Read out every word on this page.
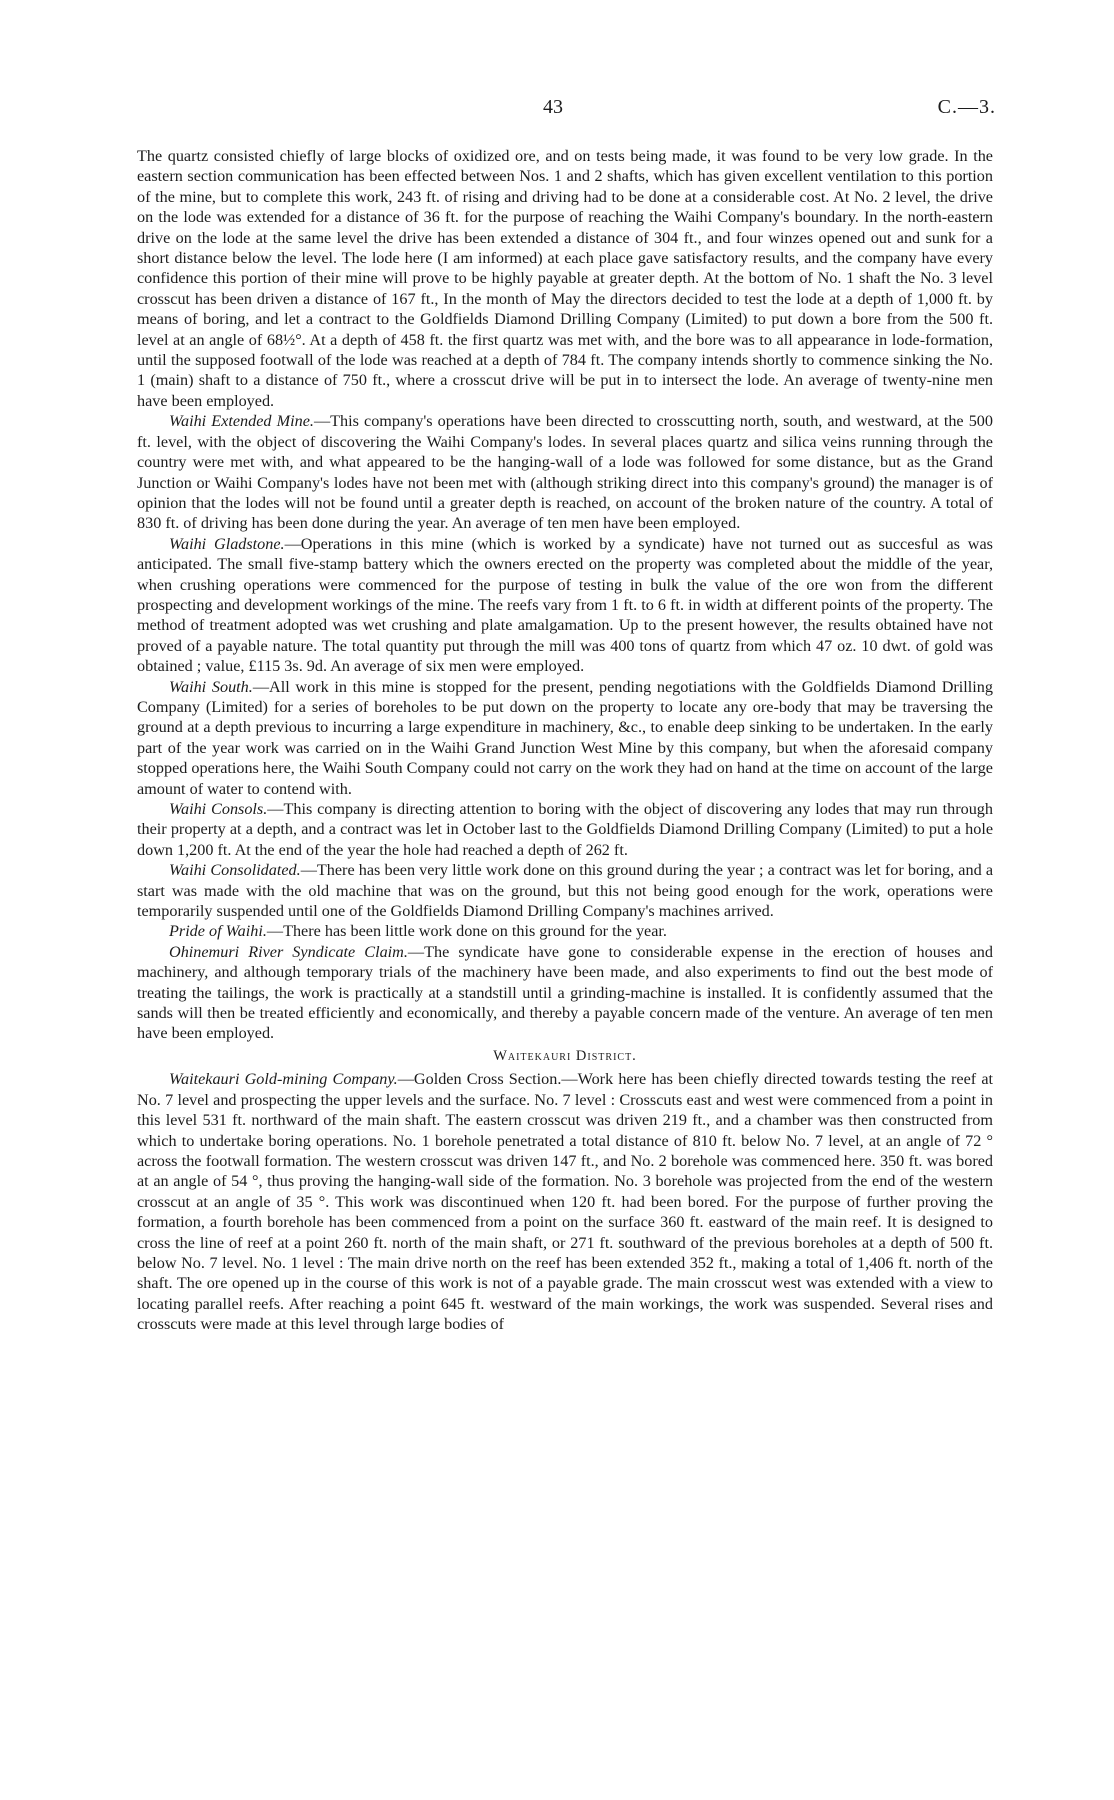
43	C.—3.

The quartz consisted chiefly of large blocks of oxidized ore, and on tests being made, it was found to be very low grade. In the eastern section communication has been effected between Nos. 1 and 2 shafts, which has given excellent ventilation to this portion of the mine, but to complete this work, 243 ft. of rising and driving had to be done at a considerable cost. At No. 2 level, the drive on the lode was extended for a distance of 36 ft. for the purpose of reaching the Waihi Company's boundary. In the north-eastern drive on the lode at the same level the drive has been extended a distance of 304 ft., and four winzes opened out and sunk for a short distance below the level. The lode here (I am informed) at each place gave satisfactory results, and the company have every confidence this portion of their mine will prove to be highly payable at greater depth. At the bottom of No. 1 shaft the No. 3 level crosscut has been driven a distance of 167 ft., In the month of May the directors decided to test the lode at a depth of 1,000 ft. by means of boring, and let a contract to the Goldfields Diamond Drilling Company (Limited) to put down a bore from the 500 ft. level at an angle of 68½°. At a depth of 458 ft. the first quartz was met with, and the bore was to all appearance in lode-formation, until the supposed footwall of the lode was reached at a depth of 784 ft. The company intends shortly to commence sinking the No. 1 (main) shaft to a distance of 750 ft., where a crosscut drive will be put in to intersect the lode. An average of twenty-nine men have been employed.

Waihi Extended Mine.—This company's operations have been directed to crosscutting north, south, and westward, at the 500 ft. level, with the object of discovering the Waihi Company's lodes. In several places quartz and silica veins running through the country were met with, and what appeared to be the hanging-wall of a lode was followed for some distance, but as the Grand Junction or Waihi Company's lodes have not been met with (although striking direct into this company's ground) the manager is of opinion that the lodes will not be found until a greater depth is reached, on account of the broken nature of the country. A total of 830 ft. of driving has been done during the year. An average of ten men have been employed.

Waihi Gladstone.—Operations in this mine (which is worked by a syndicate) have not turned out as succesful as was anticipated. The small five-stamp battery which the owners erected on the property was completed about the middle of the year, when crushing operations were commenced for the purpose of testing in bulk the value of the ore won from the different prospecting and development workings of the mine. The reefs vary from 1 ft. to 6 ft. in width at different points of the property. The method of treatment adopted was wet crushing and plate amalgamation. Up to the present however, the results obtained have not proved of a payable nature. The total quantity put through the mill was 400 tons of quartz from which 47 oz. 10 dwt. of gold was obtained ; value, £115 3s. 9d. An average of six men were employed.

Waihi South.—All work in this mine is stopped for the present, pending negotiations with the Goldfields Diamond Drilling Company (Limited) for a series of boreholes to be put down on the property to locate any ore-body that may be traversing the ground at a depth previous to incurring a large expenditure in machinery, &c., to enable deep sinking to be undertaken. In the early part of the year work was carried on in the Waihi Grand Junction West Mine by this company, but when the aforesaid company stopped operations here, the Waihi South Company could not carry on the work they had on hand at the time on account of the large amount of water to contend with.

Waihi Consols.—This company is directing attention to boring with the object of discovering any lodes that may run through their property at a depth, and a contract was let in October last to the Goldfields Diamond Drilling Company (Limited) to put a hole down 1,200 ft. At the end of the year the hole had reached a depth of 262 ft.

Waihi Consolidated.—There has been very little work done on this ground during the year ; a contract was let for boring, and a start was made with the old machine that was on the ground, but this not being good enough for the work, operations were temporarily suspended until one of the Goldfields Diamond Drilling Company's machines arrived.

Pride of Waihi.—There has been little work done on this ground for the year.

Ohinemuri River Syndicate Claim.—The syndicate have gone to considerable expense in the erection of houses and machinery, and although temporary trials of the machinery have been made, and also experiments to find out the best mode of treating the tailings, the work is practically at a standstill until a grinding-machine is installed. It is confidently assumed that the sands will then be treated efficiently and economically, and thereby a payable concern made of the venture. An average of ten men have been employed.

Waitekauri District.

Waitekauri Gold-mining Company.—Golden Cross Section.—Work here has been chiefly directed towards testing the reef at No. 7 level and prospecting the upper levels and the surface. No. 7 level : Crosscuts east and west were commenced from a point in this level 531 ft. northward of the main shaft. The eastern crosscut was driven 219 ft., and a chamber was then constructed from which to undertake boring operations. No. 1 borehole penetrated a total distance of 810 ft. below No. 7 level, at an angle of 72 ° across the footwall formation. The western crosscut was driven 147 ft., and No. 2 borehole was commenced here. 350 ft. was bored at an angle of 54 °, thus proving the hanging-wall side of the formation. No. 3 borehole was projected from the end of the western crosscut at an angle of 35 °. This work was discontinued when 120 ft. had been bored. For the purpose of further proving the formation, a fourth borehole has been commenced from a point on the surface 360 ft. eastward of the main reef. It is designed to cross the line of reef at a point 260 ft. north of the main shaft, or 271 ft. southward of the previous boreholes at a depth of 500 ft. below No. 7 level. No. 1 level : The main drive north on the reef has been extended 352 ft., making a total of 1,406 ft. north of the shaft. The ore opened up in the course of this work is not of a payable grade. The main crosscut west was extended with a view to locating parallel reefs. After reaching a point 645 ft. westward of the main workings, the work was suspended. Several rises and crosscuts were made at this level through large bodies of
